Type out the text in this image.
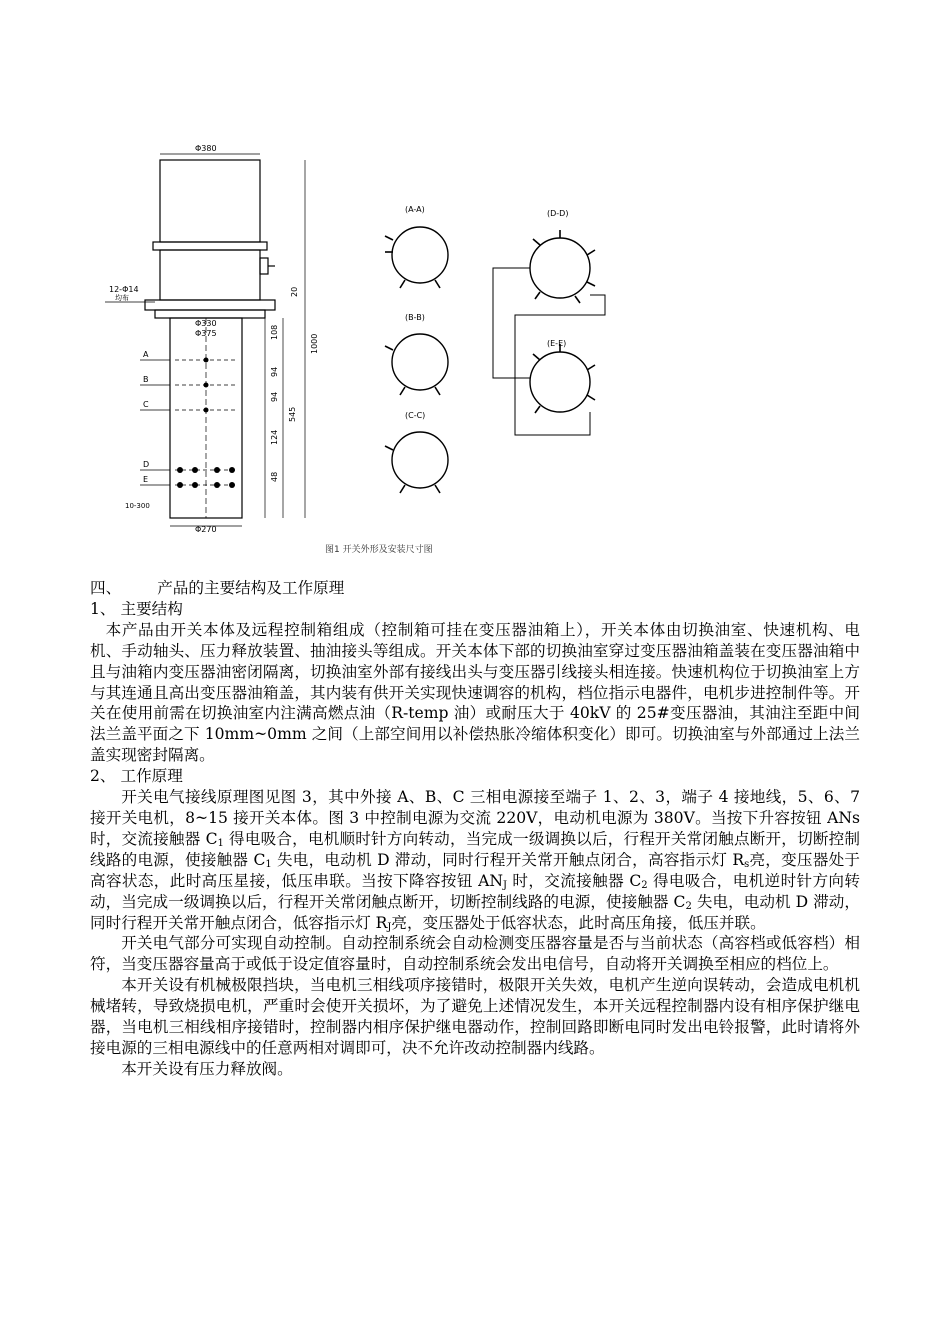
Φ380
12-Φ14
均布
Φ330
Φ375
Φ270
1000
545
108
94
94
124
48
20
10-300
A
B
C
D
E
(A-A)
(B-B)
(C-C)
(D-D)
(E-E)
图1 开关外形及安装尺寸图

四、 产品的主要结构及工作原理

1、 主要结构

本产品由开关本体及远程控制箱组成（控制箱可挂在变压器油箱上），开关本体由切换油室、快速机构、电机、手动轴头、压力释放装置、抽油接头等组成。开关本体下部的切换油室穿过变压器油箱盖装在变压器油箱中且与油箱内变压器油密闭隔离，切换油室外部有接线出头与变压器引线接头相连接。快速机构位于切换油室上方与其连通且高出变压器油箱盖，其内装有供开关实现快速调容的机构，档位指示电器件，电机步进控制件等。开关在使用前需在切换油室内注满高燃点油（R-temp 油）或耐压大于 40kV 的 25#变压器油，其油注至距中间法兰盖平面之下 10mm~0mm 之间（上部空间用以补偿热胀冷缩体积变化）即可。切换油室与外部通过上法兰盖实现密封隔离。

2、 工作原理

开关电气接线原理图见图 3，其中外接 A、B、C 三相电源接至端子 1、2、3，端子 4 接地线，5、6、7 接开关电机，8~15 接开关本体。图 3 中控制电源为交流 220V，电动机电源为 380V。当按下升容按钮 ANs 时，交流接触器 $C_1$ 得电吸合，电机顺时针方向转动，当完成一级调换以后，行程开关常闭触点断开，切断控制线路的电源，使接触器 $C_1$ 失电，电动机 D 滞动，同时行程开关常开触点闭合，高容指示灯 $R_s$亮，变压器处于高容状态，此时高压星接，低压串联。当按下降容按钮 $AN_J$ 时，交流接触器 $C_2$ 得电吸合，电机逆时针方向转动，当完成一级调换以后，行程开关常闭触点断开，切断控制线路的电源，使接触器 $C_2$ 失电，电动机 D 滞动，同时行程开关常开触点闭合，低容指示灯 $R_J$亮，变压器处于低容状态，此时高压角接，低压并联。

开关电气部分可实现自动控制。自动控制系统会自动检测变压器容量是否与当前状态（高容档或低容档）相符，当变压器容量高于或低于设定值容量时，自动控制系统会发出电信号，自动将开关调换至相应的档位上。

本开关设有机械极限挡块，当电机三相线项序接错时，极限开关失效，电机产生逆向误转动，会造成电机机械堵转，导致烧损电机，严重时会使开关损坏，为了避免上述情况发生，本开关远程控制器内设有相序保护继电器，当电机三相线相序接错时，控制器内相序保护继电器动作，控制回路即断电同时发出电铃报警，此时请将外接电源的三相电源线中的任意两相对调即可，决不允许改动控制器内线路。

本开关设有压力释放阀。
